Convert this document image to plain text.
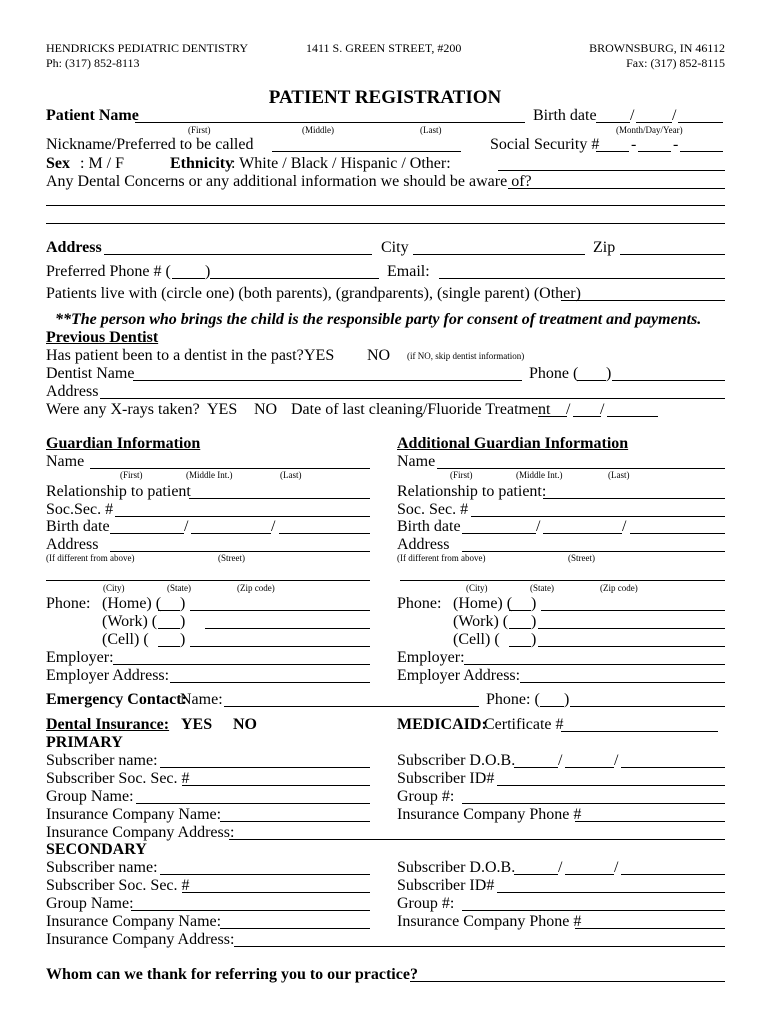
HENDRICKS PEDIATRIC DENTISTRY
Ph: (317) 852-8113
1411 S. GREEN STREET, #200	BROWNSBURG, IN 46112
Fax: (317) 852-8115
PATIENT REGISTRATION
Patient Name	Birth date / /
(First)	(Middle)	(Last)	(Month/Day/Year)
Nickname/Preferred to be called	Social Security # - -
Sex : M / F	Ethnicity
: White / Black / Hispanic / Other:
Any Dental Concerns or any additional information we should be aware of?
Address	City	Zip
Preferred Phone # ( )	Email:
Patients live with (circle one) (both parents), (grandparents), (single parent) (Other)
**The person who brings the child is the responsible party for consent of treatment and payments.
Previous Dentist
Has patient been to a dentist in the past? YES NO (if NO, skip dentist information)
Dentist Name	Phone ( )
Address
Were any X-rays taken? YES NO Date of last cleaning/Fluoride Treatment / /
Guardian Information
Name
(First)	(Middle Int.)	(Last)
Relationship to patient
Soc.Sec. #
Birth date	/	/
Address
(If different from above)	(Street)
(City)	(State)	(Zip code)
Phone: (Home) ( )
(Work) ( )
(Cell) ( )
Employer:
Employer Address:
Additional Guardian Information
Name
(First)	(Middle Int.)	(Last)
Relationship to patient:
Soc. Sec. #
Birth date	/	/
Address
(If different from above)	(Street)
(City)	(State)	(Zip code)
Phone: (Home) ( )
(Work) ( )
(Cell) ( )
Employer:
Employer Address:
Emergency Contact:
Name:	Phone: ( )
Dental Insurance: YES NO	MEDICAID:
Certificate #
PRIMARY
Subscriber name:
Subscriber Soc. Sec. #
Group Name:
Insurance Company Name:
Insurance Company Address:
Subscriber D.O.B.	/	/
Subscriber ID#
Group #:
Insurance Company Phone #
SECONDARY
Subscriber name:
Subscriber Soc. Sec. #
Group Name:
Insurance Company Name:
Insurance Company Address:
Subscriber D.O.B.	/	/
Subscriber ID#
Group #:
Insurance Company Phone #
Whom can we thank for referring you to our practice?
